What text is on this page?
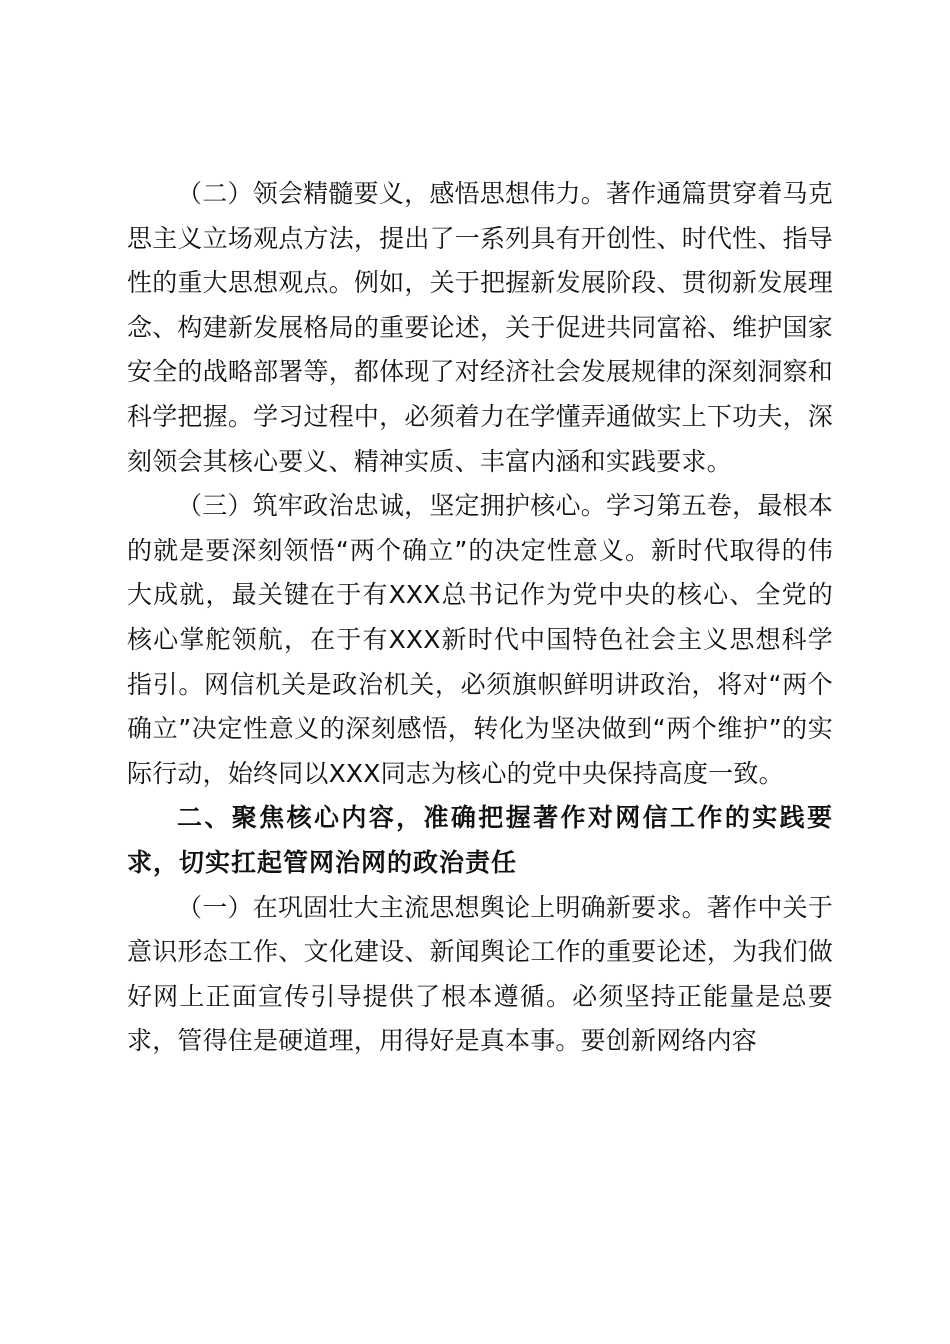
（二）领会精髓要义，感悟思想伟力。著作通篇贯穿着马克思主义立场观点方法，提出了一系列具有开创性、时代性、指导性的重大思想观点。例如，关于把握新发展阶段、贯彻新发展理念、构建新发展格局的重要论述，关于促进共同富裕、维护国家安全的战略部署等，都体现了对经济社会发展规律的深刻洞察和科学把握。学习过程中，必须着力在学懂弄通做实上下功夫，深刻领会其核心要义、精神实质、丰富内涵和实践要求。

（三）筑牢政治忠诚，坚定拥护核心。学习第五卷，最根本的就是要深刻领悟“两个确立”的决定性意义。新时代取得的伟大成就，最关键在于有XXX总书记作为党中央的核心、全党的核心掌舵领航，在于有XXX新时代中国特色社会主义思想科学指引。网信机关是政治机关，必须旗帜鲜明讲政治，将对“两个确立”决定性意义的深刻感悟，转化为坚决做到“两个维护”的实际行动，始终同以XXX同志为核心的党中央保持高度一致。

二、聚焦核心内容，准确把握著作对网信工作的实践要求，切实扛起管网治网的政治责任

（一）在巩固壮大主流思想舆论上明确新要求。著作中关于意识形态工作、文化建设、新闻舆论工作的重要论述，为我们做好网上正面宣传引导提供了根本遵循。必须坚持正能量是总要求，管得住是硬道理，用得好是真本事。要创新网络内容
